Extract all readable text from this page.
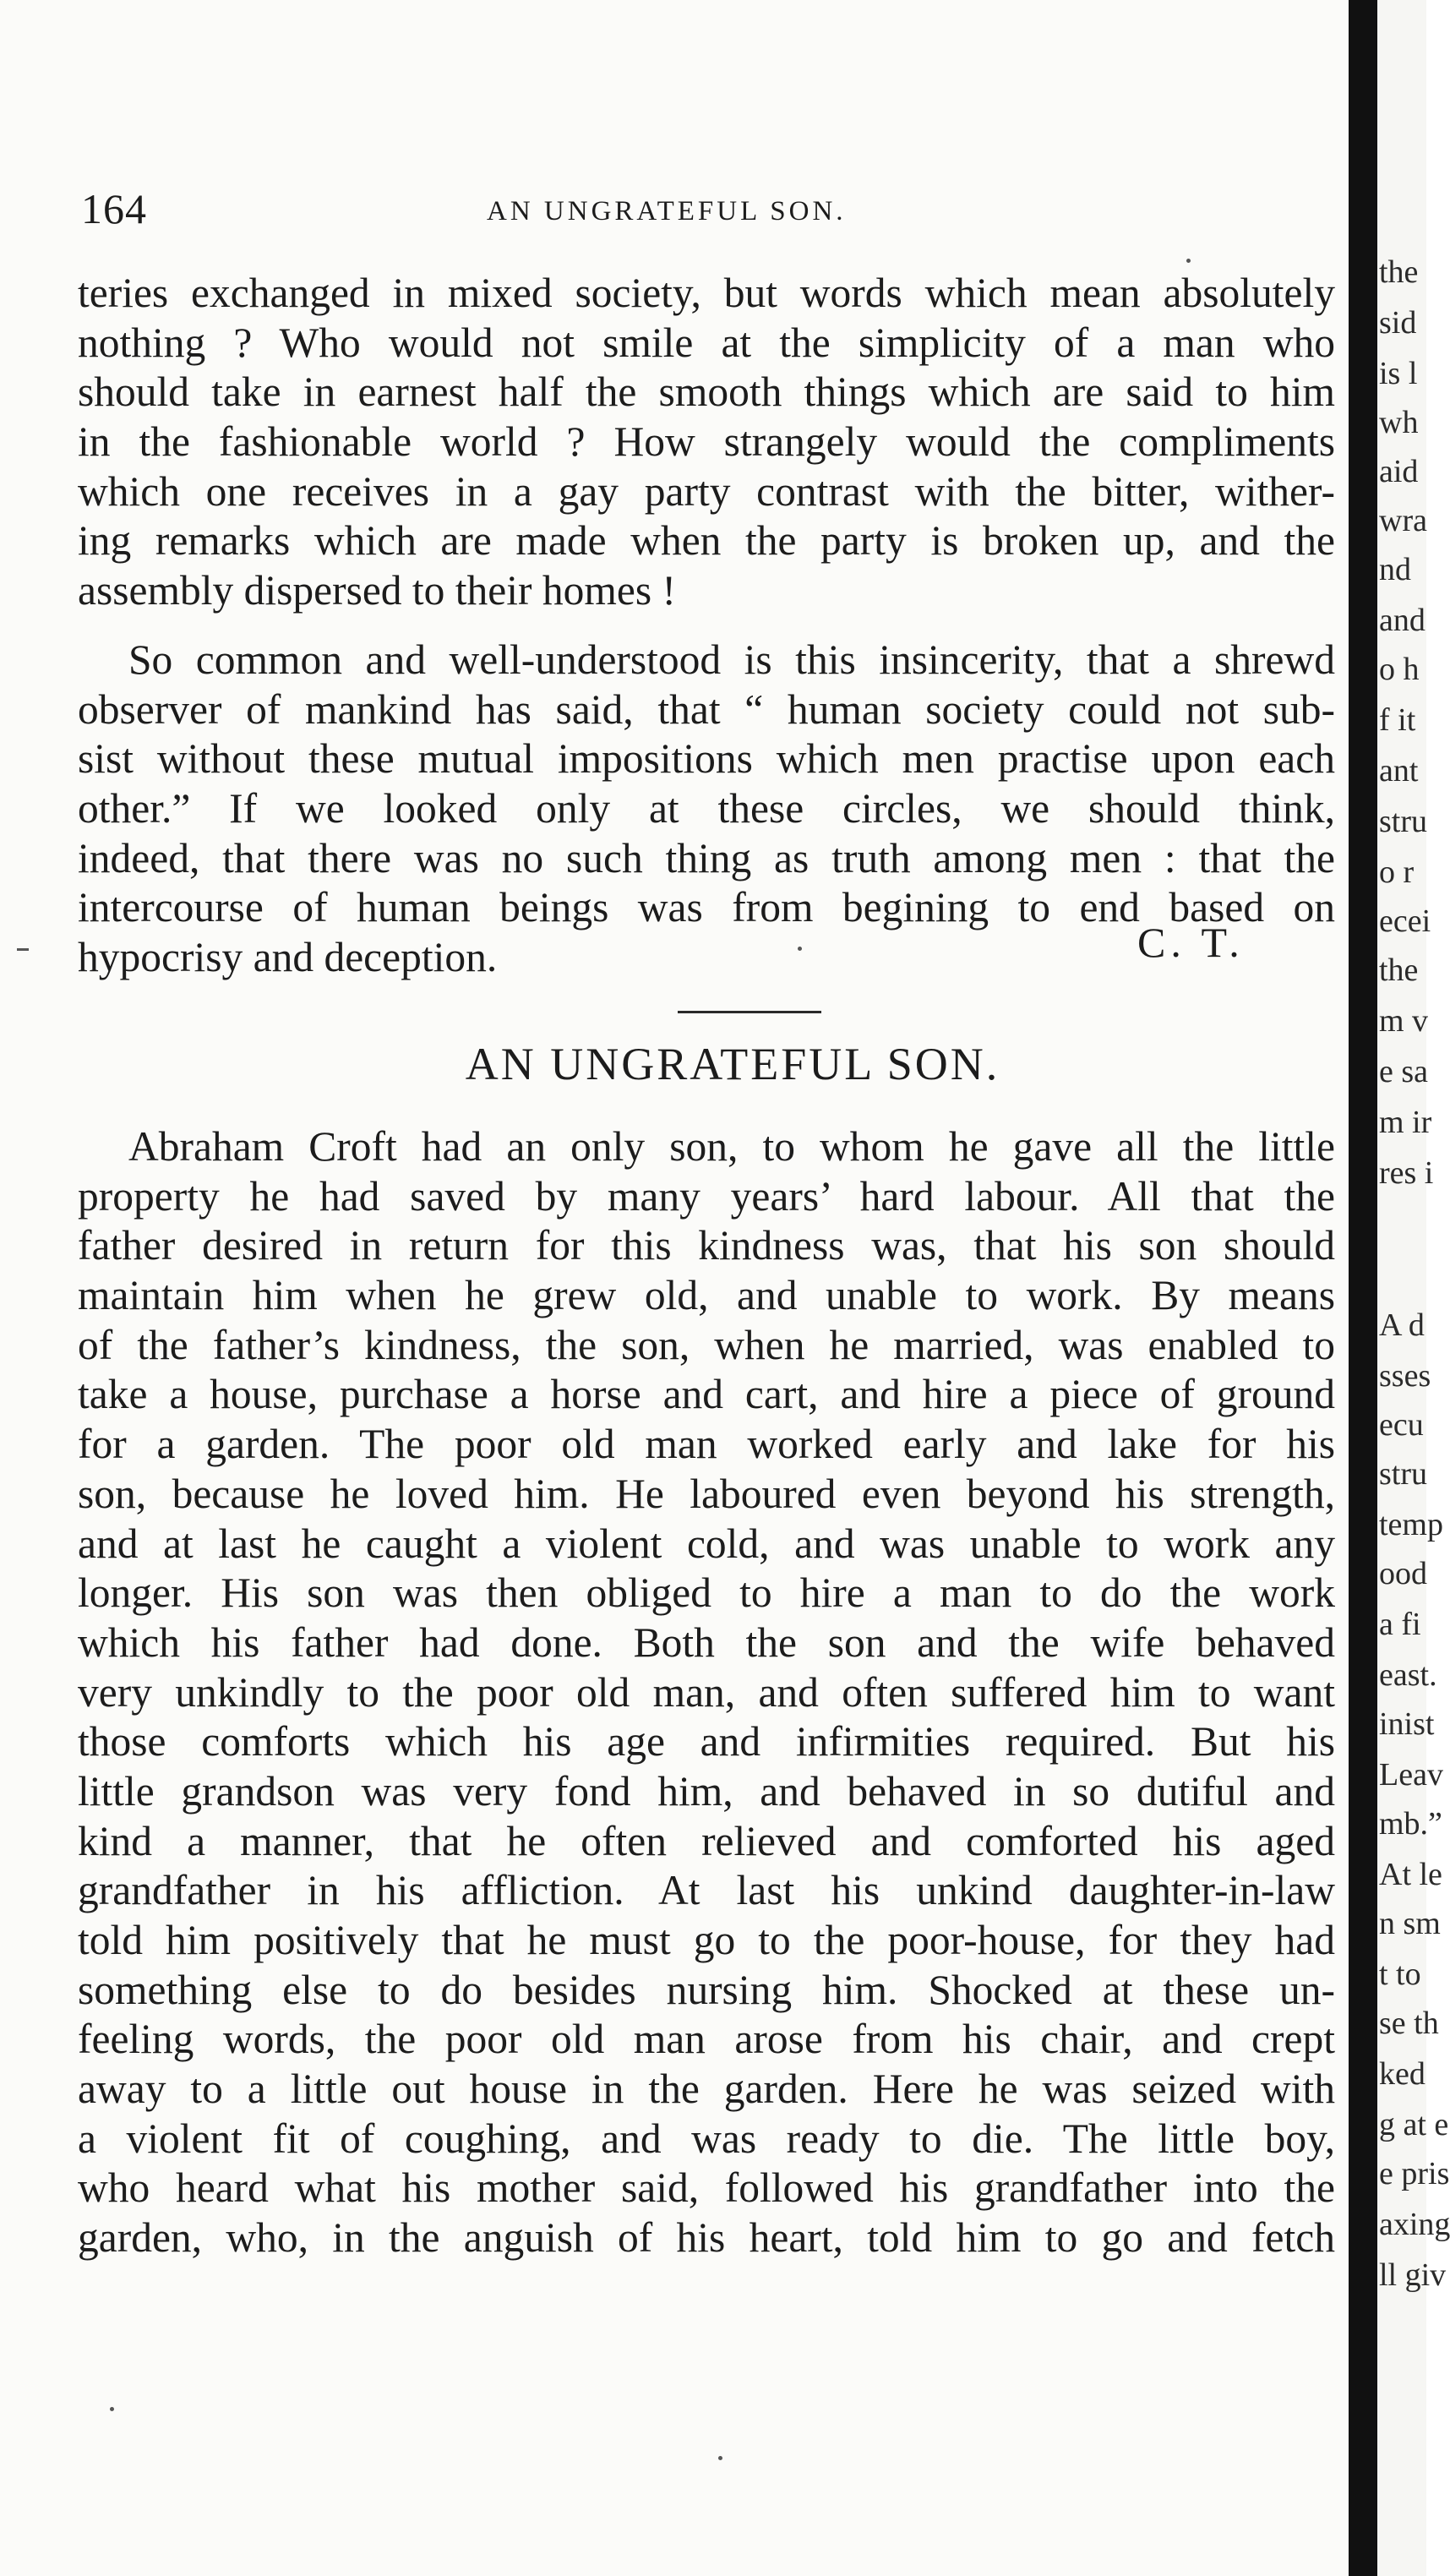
164	AN UNGRATEFUL SON.
teries exchanged in mixed society, but words which mean absolutely
nothing ? Who would not smile at the simplicity of a man who
should take in earnest half the smooth things which are said to him
in the fashionable world ? How strangely would the compliments
which one receives in a gay party contrast with the bitter, wither-
ing remarks which are made when the party is broken up, and the
assembly dispersed to their homes !
So common and well-understood is this insincerity, that a shrewd
observer of mankind has said, that “ human society could not sub-
sist without these mutual impositions which men practise upon each
other.” If we looked only at these circles, we should think,
indeed, that there was no such thing as truth among men : that the
intercourse of human beings was from begining to end based on
hypocrisy and deception.	C. T.
AN UNGRATEFUL SON.
Abraham Croft had an only son, to whom he gave all the little
property he had saved by many years’ hard labour. All that the
father desired in return for this kindness was, that his son should
maintain him when he grew old, and unable to work. By means
of the father’s kindness, the son, when he married, was enabled to
take a house, purchase a horse and cart, and hire a piece of ground
for a garden. The poor old man worked early and lake for his
son, because he loved him. He laboured even beyond his strength,
and at last he caught a violent cold, and was unable to work any
longer. His son was then obliged to hire a man to do the work
which his father had done. Both the son and the wife behaved
very unkindly to the poor old man, and often suffered him to want
those comforts which his age and infirmities required. But his
little grandson was very fond him, and behaved in so dutiful and
kind a manner, that he often relieved and comforted his aged
grandfather in his affliction. At last his unkind daughter-in-law
told him positively that he must go to the poor-house, for they had
something else to do besides nursing him. Shocked at these un-
feeling words, the poor old man arose from his chair, and crept
away to a little out house in the garden. Here he was seized with
a violent fit of coughing, and was ready to die. The little boy,
who heard what his mother said, followed his grandfather into the
garden, who, in the anguish of his heart, told him to go and fetch
the
sid
is l
wh
aid
wra
nd
and
o h
f it
ant
stru
o r
ecei
the
m v
e sa
m ir
res i
A d
sses
ecu
stru
temp
ood
a fi
east.
inist
Leav
mb.”
At le
n sm
t to
se th
ked
g at e
e pris
axing
ll giv
